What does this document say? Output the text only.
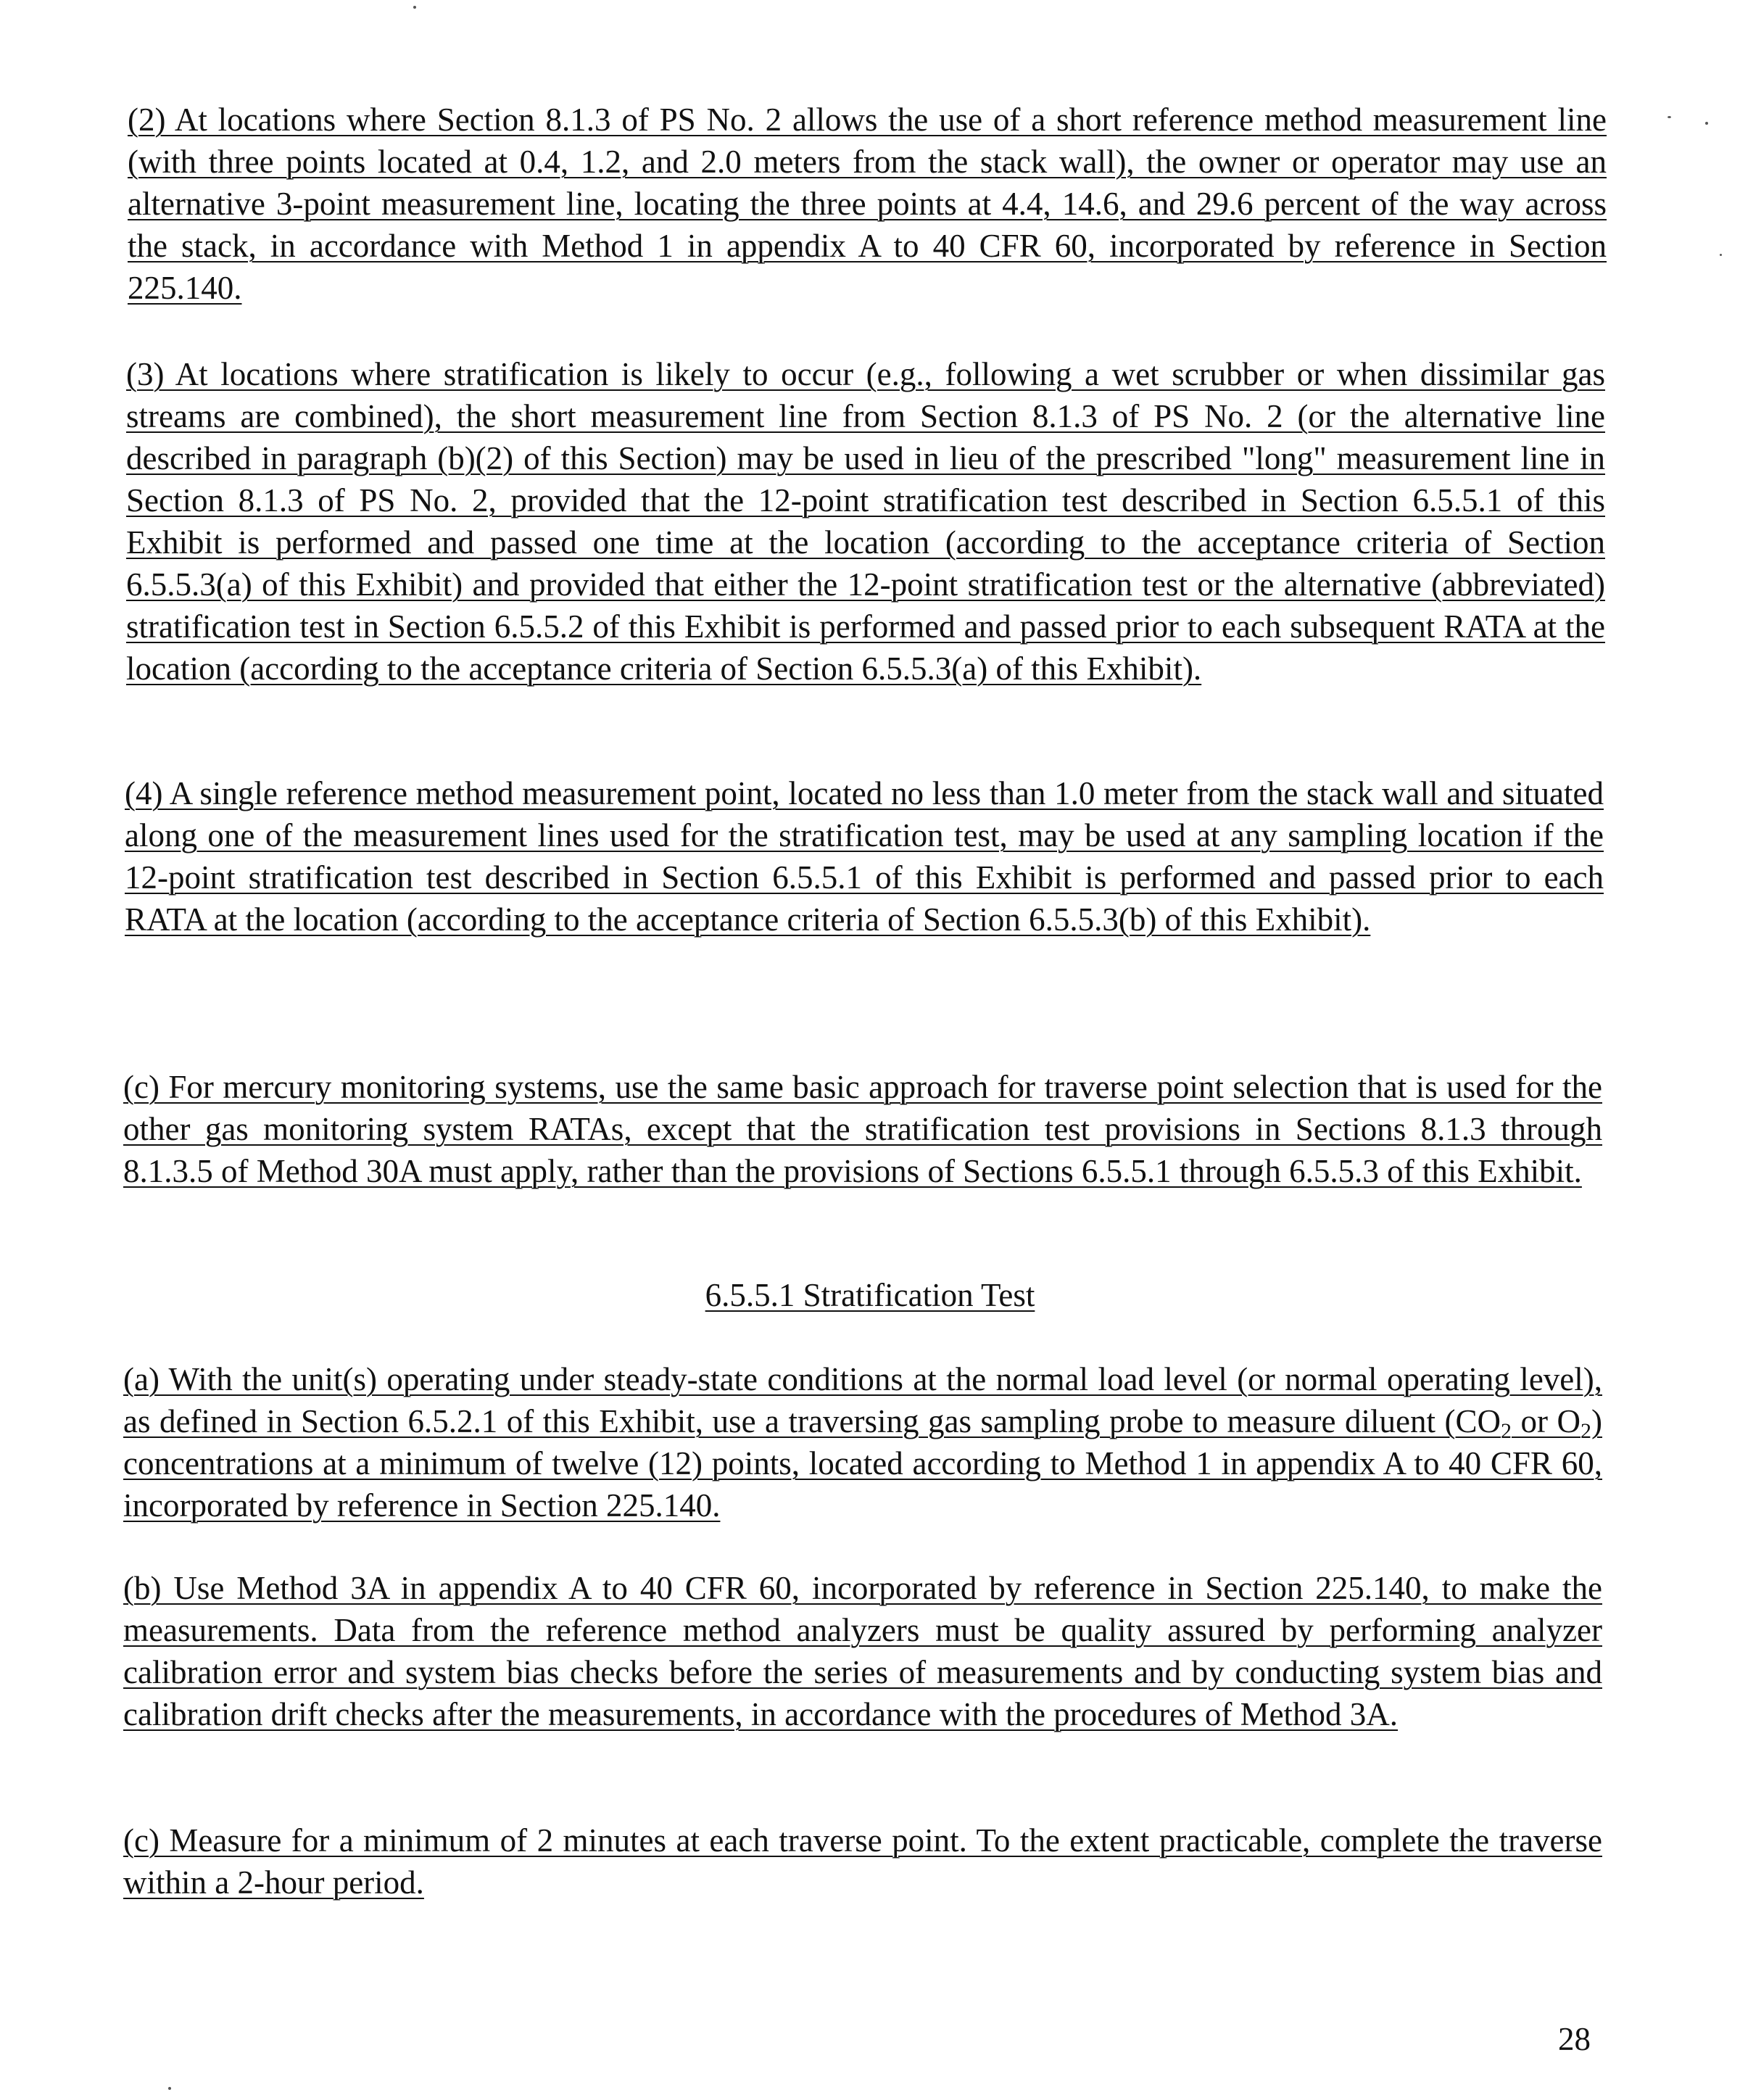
(2) At locations where Section 8.1.3 of PS No. 2 allows the use of a short reference method measurement line (with three points located at 0.4, 1.2, and 2.0 meters from the stack wall), the owner or operator may use an alternative 3-point measurement line, locating the three points at 4.4, 14.6, and 29.6 percent of the way across the stack, in accordance with Method 1 in appendix A to 40 CFR 60, incorporated by reference in Section 225.140.

(3) At locations where stratification is likely to occur (e.g., following a wet scrubber or when dissimilar gas streams are combined), the short measurement line from Section 8.1.3 of PS No. 2 (or the alternative line described in paragraph (b)(2) of this Section) may be used in lieu of the prescribed "long" measurement line in Section 8.1.3 of PS No. 2, provided that the 12-point stratification test described in Section 6.5.5.1 of this Exhibit is performed and passed one time at the location (according to the acceptance criteria of Section 6.5.5.3(a) of this Exhibit) and provided that either the 12-point stratification test or the alternative (abbreviated) stratification test in Section 6.5.5.2 of this Exhibit is performed and passed prior to each subsequent RATA at the location (according to the acceptance criteria of Section 6.5.5.3(a) of this Exhibit).

(4) A single reference method measurement point, located no less than 1.0 meter from the stack wall and situated along one of the measurement lines used for the stratification test, may be used at any sampling location if the 12-point stratification test described in Section 6.5.5.1 of this Exhibit is performed and passed prior to each RATA at the location (according to the acceptance criteria of Section 6.5.5.3(b) of this Exhibit).

(c) For mercury monitoring systems, use the same basic approach for traverse point selection that is used for the other gas monitoring system RATAs, except that the stratification test provisions in Sections 8.1.3 through 8.1.3.5 of Method 30A must apply, rather than the provisions of Sections 6.5.5.1 through 6.5.5.3 of this Exhibit.

6.5.5.1 Stratification Test

(a) With the unit(s) operating under steady-state conditions at the normal load level (or normal operating level), as defined in Section 6.5.2.1 of this Exhibit, use a traversing gas sampling probe to measure diluent ($CO_2$ or $O_2$) concentrations at a minimum of twelve (12) points, located according to Method 1 in appendix A to 40 CFR 60, incorporated by reference in Section 225.140.

(b) Use Method 3A in appendix A to 40 CFR 60, incorporated by reference in Section 225.140, to make the measurements. Data from the reference method analyzers must be quality assured by performing analyzer calibration error and system bias checks before the series of measurements and by conducting system bias and calibration drift checks after the measurements, in accordance with the procedures of Method 3A.

(c) Measure for a minimum of 2 minutes at each traverse point. To the extent practicable, complete the traverse within a 2-hour period.

28
